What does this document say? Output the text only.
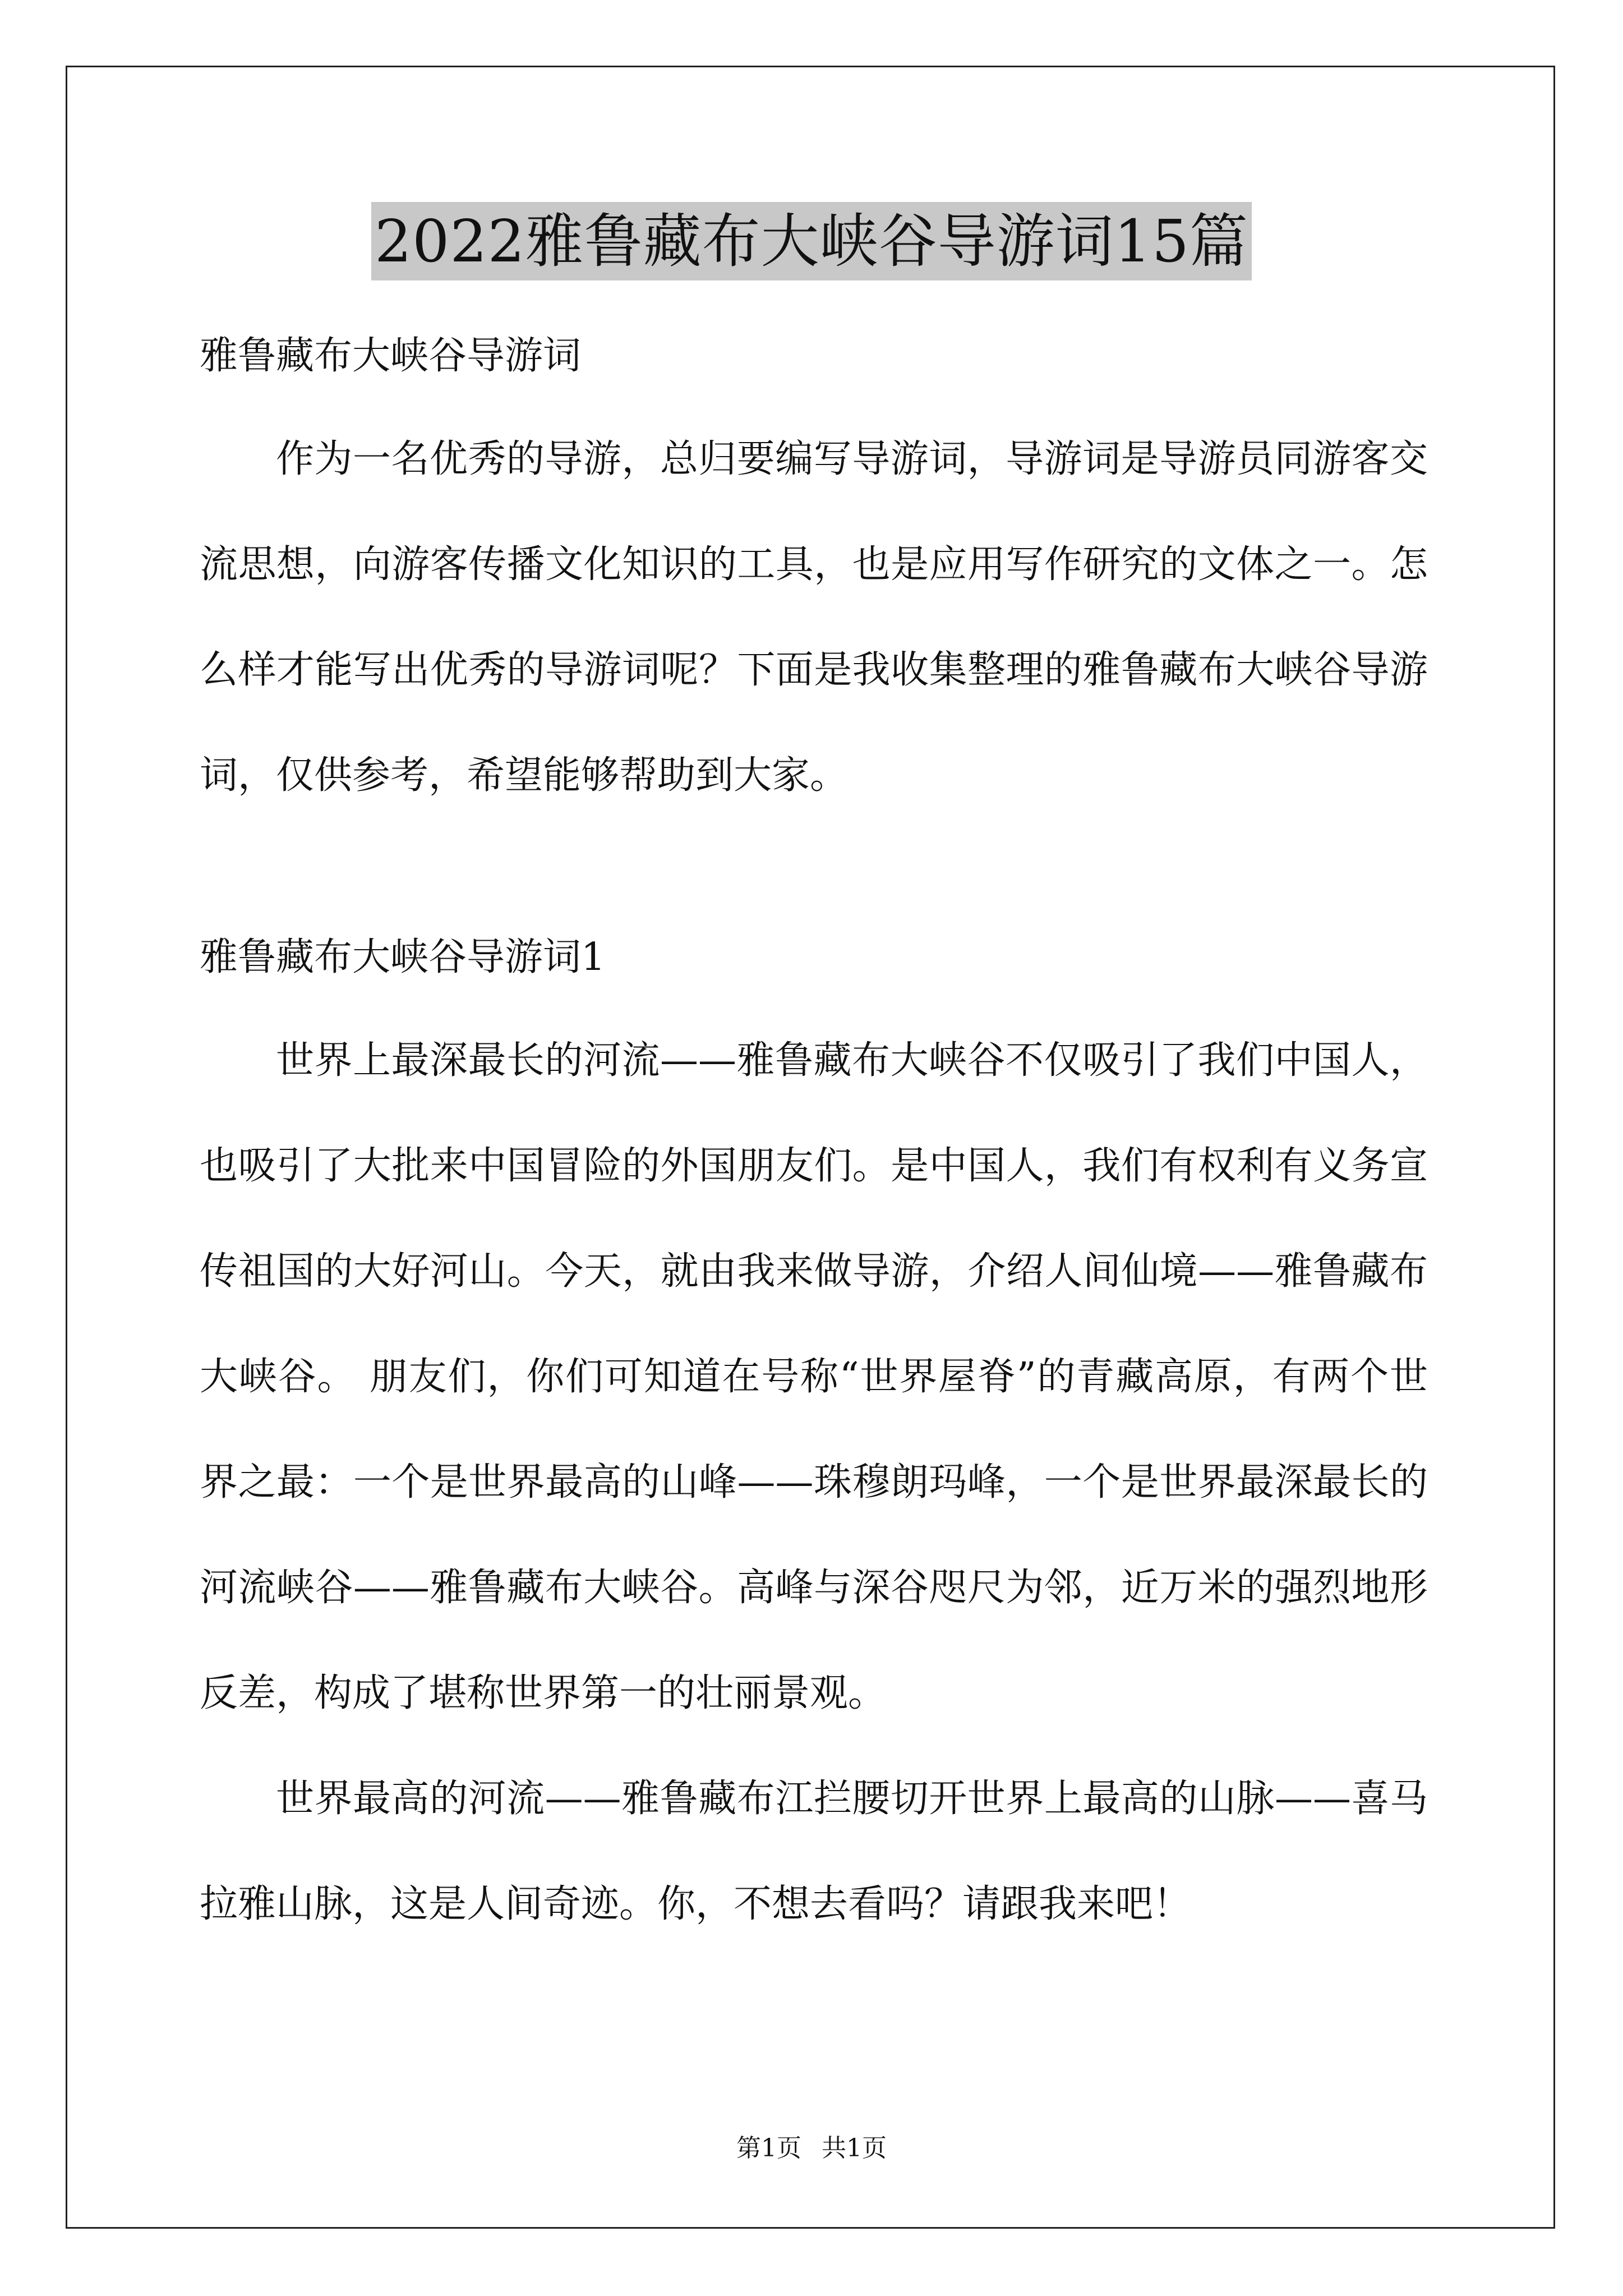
2022雅鲁藏布大峡谷导游词15篇

雅鲁藏布大峡谷导游词

作为一名优秀的导游，总归要编写导游词，导游词是导游员同游客交流思想，向游客传播文化知识的工具，也是应用写作研究的文体之一。怎么样才能写出优秀的导游词呢？下面是我收集整理的雅鲁藏布大峡谷导游词，仅供参考，希望能够帮助到大家。

雅鲁藏布大峡谷导游词1

世界上最深最长的河流——雅鲁藏布大峡谷不仅吸引了我们中国人，也吸引了大批来中国冒险的外国朋友们。是中国人，我们有权利有义务宣传祖国的大好河山。今天，就由我来做导游，介绍人间仙境——雅鲁藏布大峡谷。 朋友们，你们可知道在号称“世界屋脊”的青藏高原，有两个世界之最：一个是世界最高的山峰——珠穆朗玛峰，一个是世界最深最长的河流峡谷——雅鲁藏布大峡谷。高峰与深谷咫尺为邻，近万米的强烈地形反差，构成了堪称世界第一的壮丽景观。

世界最高的河流——雅鲁藏布江拦腰切开世界上最高的山脉——喜马拉雅山脉，这是人间奇迹。你，不想去看吗？请跟我来吧！

第1页 共1页
